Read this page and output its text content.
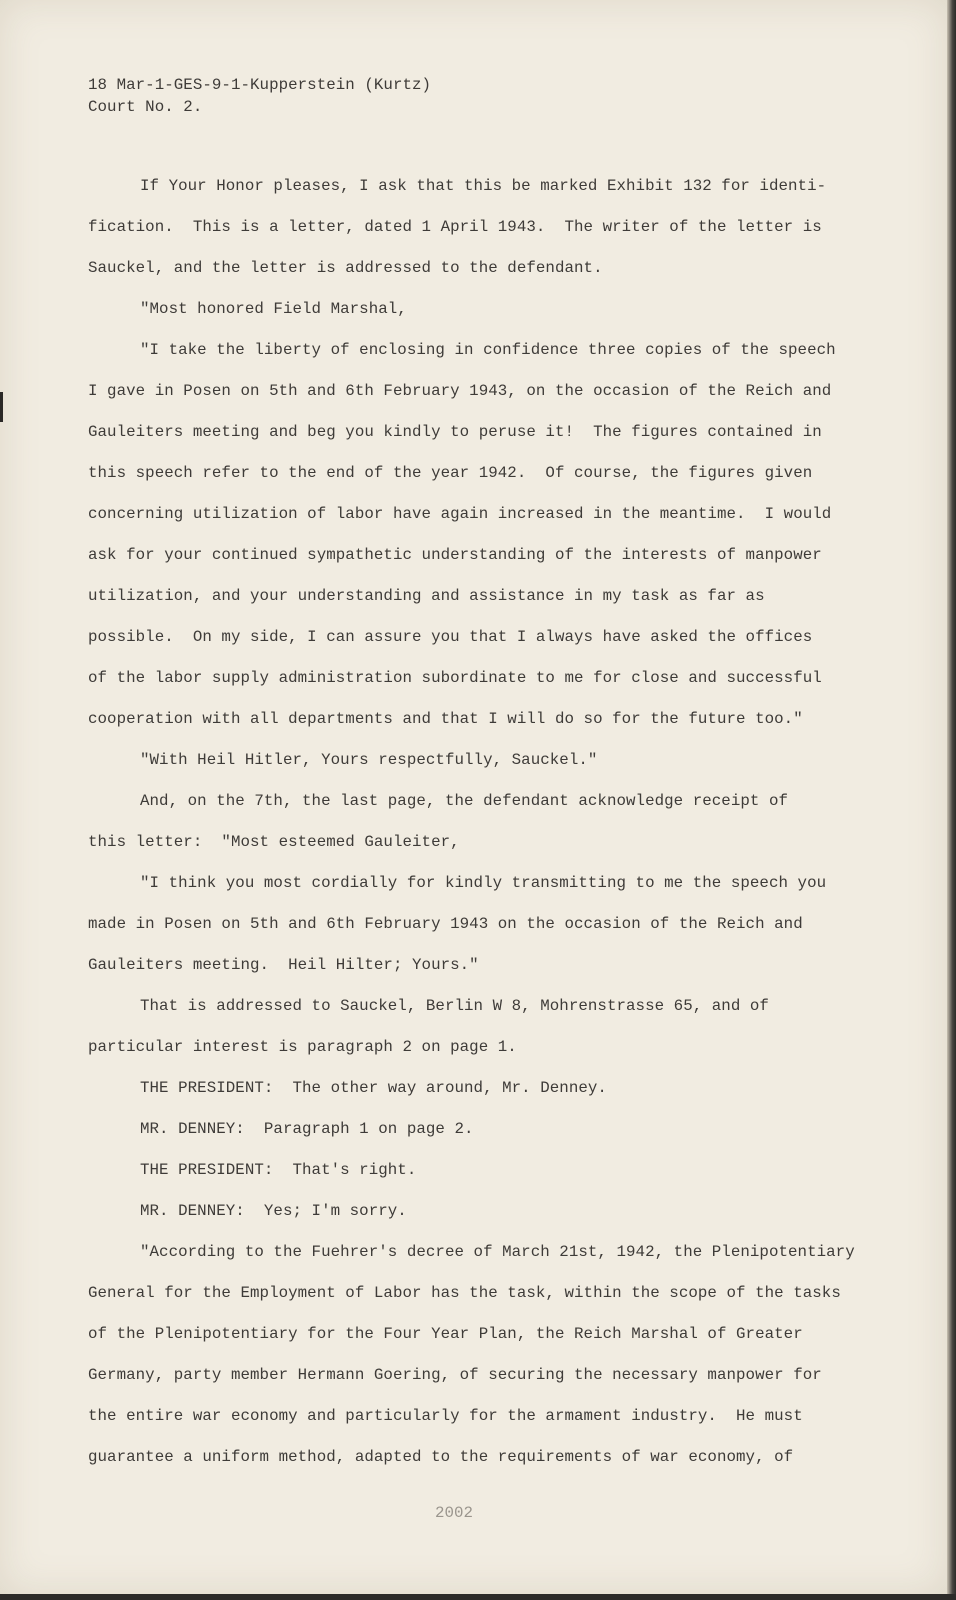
18 Mar-1-GES-9-1-Kupperstein (Kurtz)

Court No. 2.

If Your Honor pleases, I ask that this be marked Exhibit 132 for identi-

fication.  This is a letter, dated 1 April 1943.  The writer of the letter is

Sauckel, and the letter is addressed to the defendant.

"Most honored Field Marshal,

"I take the liberty of enclosing in confidence three copies of the speech

I gave in Posen on 5th and 6th February 1943, on the occasion of the Reich and

Gauleiters meeting and beg you kindly to peruse it!  The figures contained in

this speech refer to the end of the year 1942.  Of course, the figures given

concerning utilization of labor have again increased in the meantime.  I would

ask for your continued sympathetic understanding of the interests of manpower

utilization, and your understanding and assistance in my task as far as

possible.  On my side, I can assure you that I always have asked the offices

of the labor supply administration subordinate to me for close and successful

cooperation with all departments and that I will do so for the future too."

"With Heil Hitler, Yours respectfully, Sauckel."

And, on the 7th, the last page, the defendant acknowledge receipt of

this letter:  "Most esteemed Gauleiter,

"I think you most cordially for kindly transmitting to me the speech you

made in Posen on 5th and 6th February 1943 on the occasion of the Reich and

Gauleiters meeting.  Heil Hilter; Yours."

That is addressed to Sauckel, Berlin W 8, Mohrenstrasse 65, and of

particular interest is paragraph 2 on page 1.

THE PRESIDENT:  The other way around, Mr. Denney.

MR. DENNEY:  Paragraph 1 on page 2.

THE PRESIDENT:  That's right.

MR. DENNEY:  Yes; I'm sorry.

"According to the Fuehrer's decree of March 21st, 1942, the Plenipotentiary

General for the Employment of Labor has the task, within the scope of the tasks

of the Plenipotentiary for the Four Year Plan, the Reich Marshal of Greater

Germany, party member Hermann Goering, of securing the necessary manpower for

the entire war economy and particularly for the armament industry.  He must

guarantee a uniform method, adapted to the requirements of war economy, of

2002
